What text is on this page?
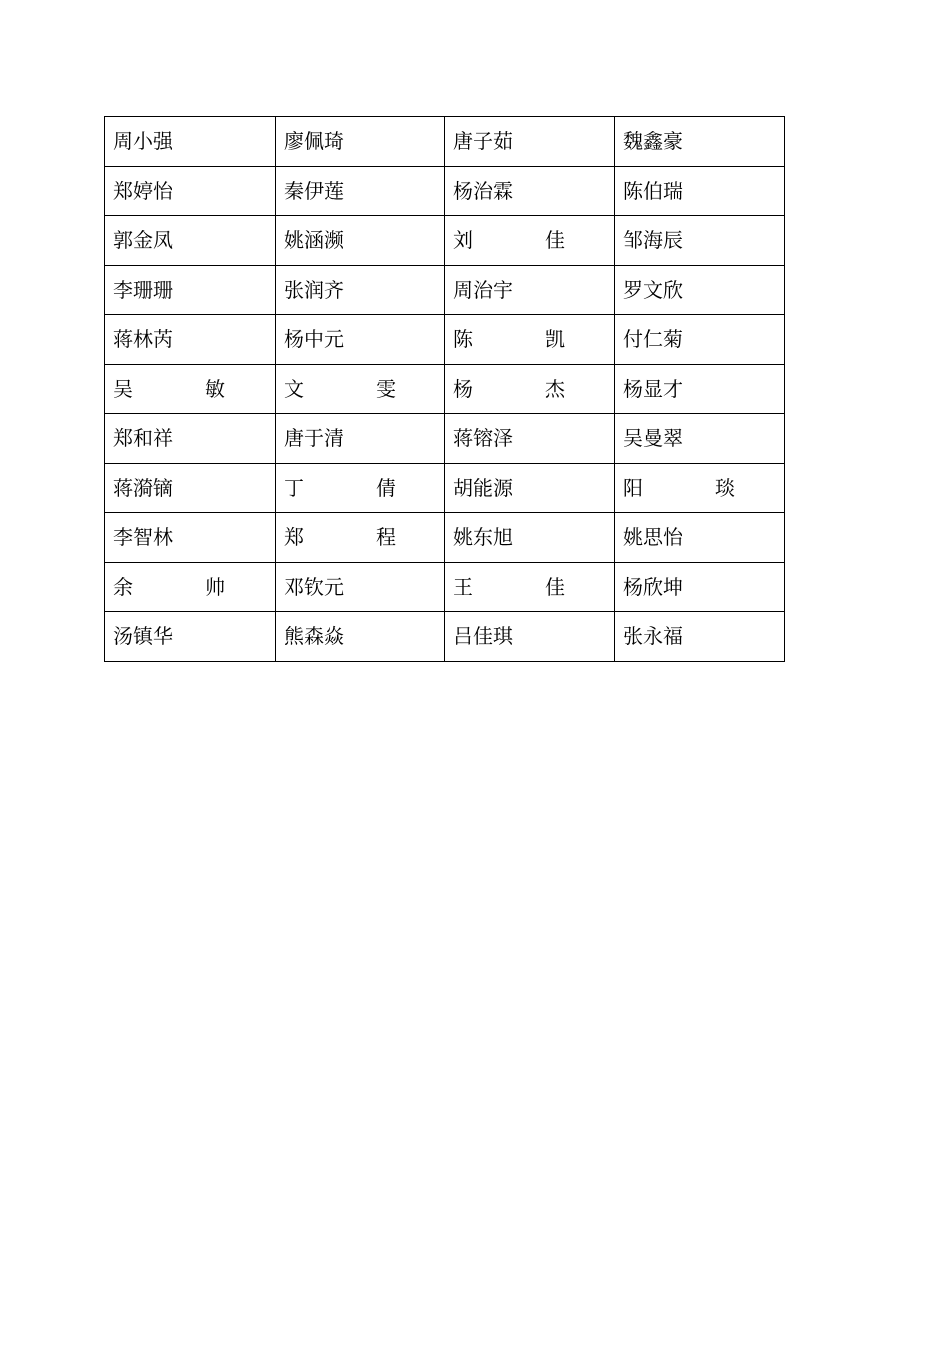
周小强	廖佩琦	唐子茹	魏鑫豪

郑婷怡	秦伊莲	杨治霖	陈伯瑞

郭金凤	姚涵濒	刘 佳	邹海辰

李珊珊	张润齐	周治宇	罗文欣

蒋林芮	杨中元	陈 凯	付仁菊

吴 敏	文 雯	杨 杰	杨显才

郑和祥	唐于清	蒋镕泽	吴曼翠

蒋漪镝	丁 倩	胡能源	阳 琰

李智林	郑 程	姚东旭	姚思怡

余 帅	邓钦元	王 佳	杨欣坤

汤镇华	熊森焱	吕佳琪	张永福
